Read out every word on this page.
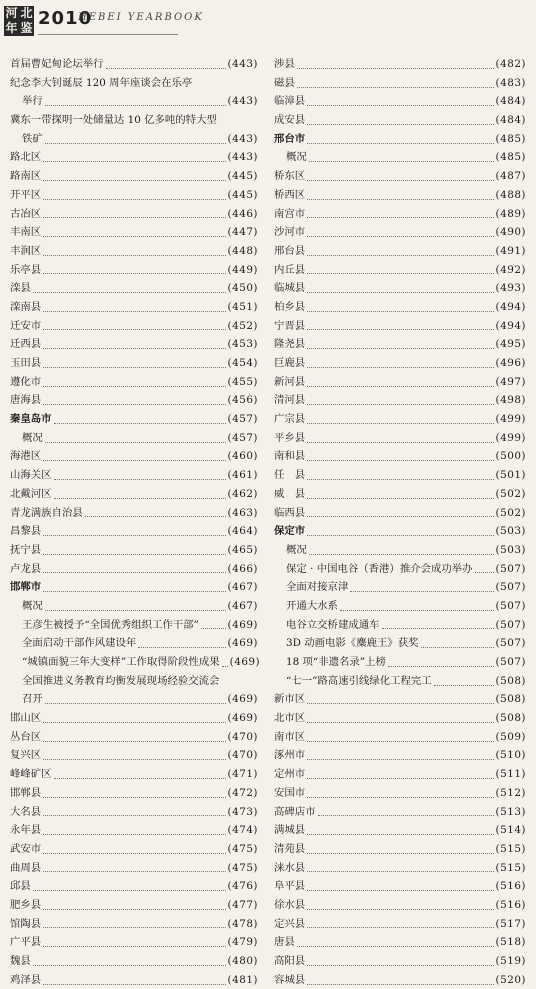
河 北
年 鉴 2010
HEBEI YEARBOOK
首届曹妃甸论坛举行	(443)
纪念李大钊诞辰 120 周年座谈会在乐亭
举行	(443)
冀东一带探明一处储量达 10 亿多吨的特大型
铁矿	(443)
路北区	(443)
路南区	(445)
开平区	(445)
古冶区	(446)
丰南区	(447)
丰润区	(448)
乐亭县	(449)
滦县	(450)
滦南县	(451)
迁安市	(452)
迁西县	(453)
玉田县	(454)
遵化市	(455)
唐海县	(456)
秦皇岛市	(457)
概况	(457)
海港区	(460)
山海关区	(461)
北戴河区	(462)
青龙满族自治县	(463)
昌黎县	(464)
抚宁县	(465)
卢龙县	(466)
邯郸市	(467)
概况	(467)
王彦生被授予“全国优秀组织工作干部”	(469)
全面启动干部作风建设年	(469)
“城镇面貌三年大变样”工作取得阶段性成果 (469)
全国推进义务教育均衡发展现场经验交流会
召开	(469)
邯山区	(469)
丛台区	(470)
复兴区	(470)
峰峰矿区	(471)
邯郸县	(472)
大名县	(473)
永年县	(474)
武安市	(475)
曲周县	(475)
邱县	(476)
肥乡县	(477)
馆陶县	(478)
广平县	(479)
魏县	(480)
鸡泽县	(481)
涉县	(482)
磁县	(483)
临漳县	(484)
成安县	(484)
邢台市	(485)
概况	(485)
桥东区	(487)
桥西区	(488)
南宫市	(489)
沙河市	(490)
邢台县	(491)
内丘县	(492)
临城县	(493)
柏乡县	(494)
宁晋县	(494)
隆尧县	(495)
巨鹿县	(496)
新河县	(497)
清河县	(498)
广宗县	(499)
平乡县	(499)
南和县	(500)
任　县	(501)
威　县	(502)
临西县	(502)
保定市	(503)
概况	(503)
保定 · 中国电谷（香港）推介会成功举办 (507)
全面对接京津	(507)
开通大水系	(507)
电谷立交桥建成通车	(507)
3D 动画电影《麋鹿王》获奖	(507)
18 项“非遗名录”上榜	(507)
“七一”路高速引线绿化工程完工	(508)
新市区	(508)
北市区	(508)
南市区	(509)
涿州市	(510)
定州市	(511)
安国市	(512)
高碑店市	(513)
满城县	(514)
清苑县	(515)
涞水县	(515)
阜平县	(516)
徐水县	(516)
定兴县	(517)
唐县	(518)
高阳县	(519)
容城县	(520)
